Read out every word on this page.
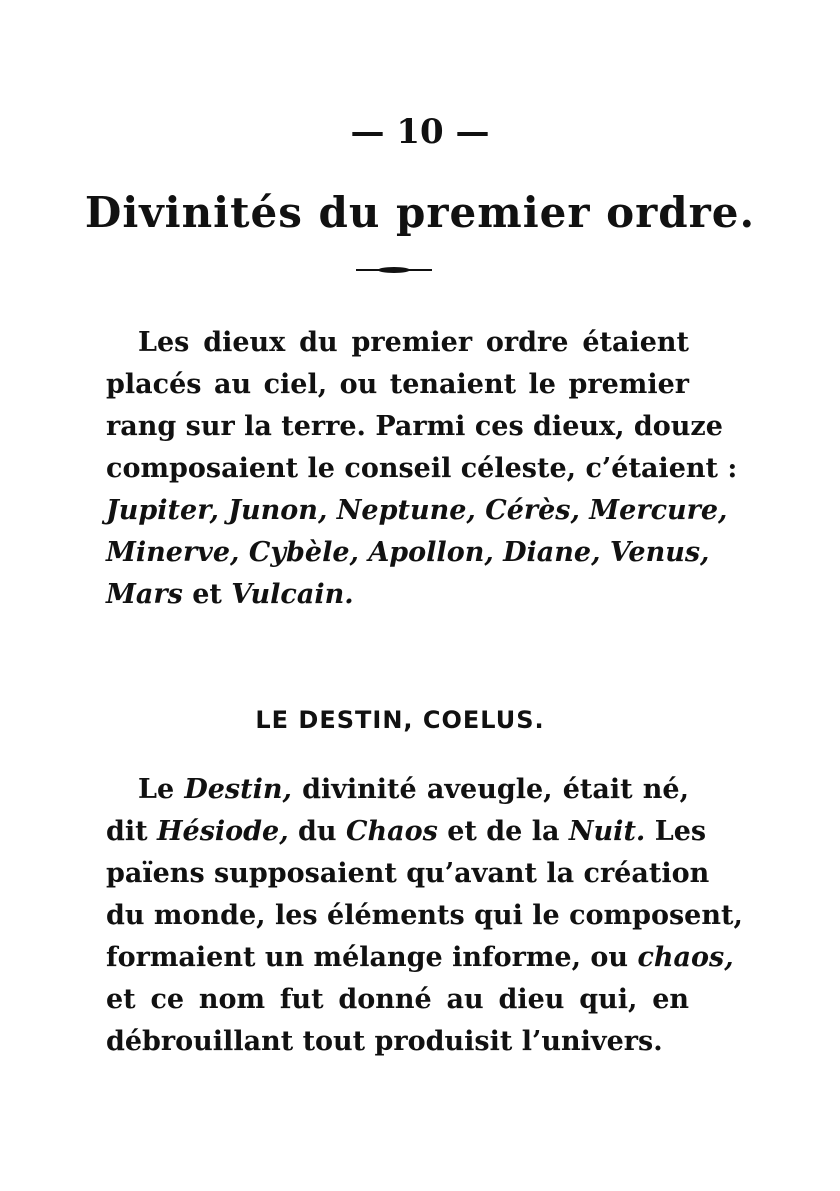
— 10 —
Divinités du premier ordre.
Les dieux du premier ordre étaient
placés au ciel, ou tenaient le premier
rang sur la terre. Parmi ces dieux, douze
composaient le conseil céleste, c’étaient :
Jupiter, Junon, Neptune, Cérès, Mercure,
Minerve, Cybèle, Apollon, Diane, Venus,
Mars et Vulcain.
LE DESTIN, COELUS.
Le Destin, divinité aveugle, était né,
dit Hésiode, du Chaos et de la Nuit. Les
païens supposaient qu’avant la création
du monde, les éléments qui le composent,
formaient un mélange informe, ou chaos,
et ce nom fut donné au dieu qui, en
débrouillant tout produisit l’univers.
